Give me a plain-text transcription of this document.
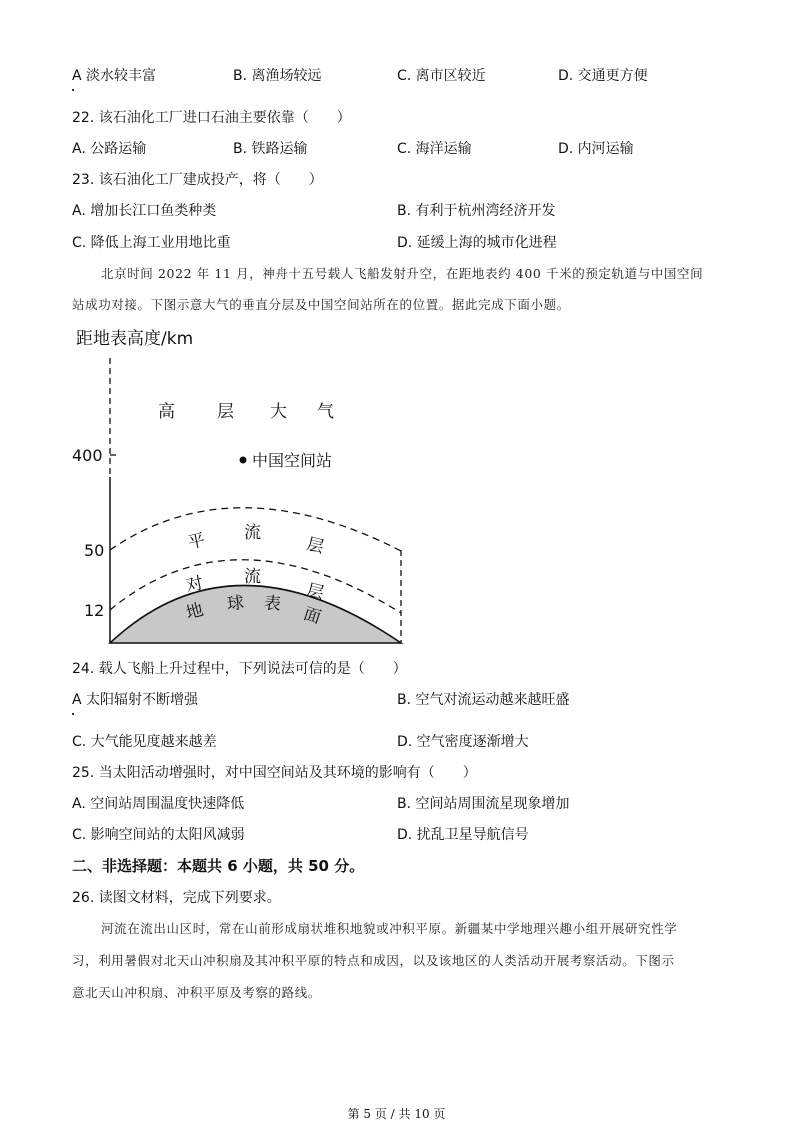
A 淡水较丰富	B. 离渔场较远	C. 离市区较近	D. 交通更方便
22. 该石油化工厂进口石油主要依靠（　　）
A. 公路运输	B. 铁路运输	C. 海洋运输	D. 内河运输
23. 该石油化工厂建成投产，将（　　）
A. 增加长江口鱼类种类	B. 有利于杭州湾经济开发
C. 降低上海工业用地比重	D. 延缓上海的城市化进程
北京时间 2022 年 11 月，神舟十五号载人飞船发射升空，在距地表约 400 千米的预定轨道与中国空间
站成功对接。下图示意大气的垂直分层及中国空间站所在的位置。据此完成下面小题。
距地表高度/km
400
50
12
高 层 大 气
中国空间站
平 流
层
对 流
层
地 球 表 面
24. 载人飞船上升过程中，下列说法可信的是（　　）
A 太阳辐射不断增强	B. 空气对流运动越来越旺盛
C. 大气能见度越来越差	D. 空气密度逐渐增大
25. 当太阳活动增强时，对中国空间站及其环境的影响有（　　）
A. 空间站周围温度快速降低	B. 空间站周围流星现象增加
C. 影响空间站的太阳风减弱	D. 扰乱卫星导航信号
二、非选择题：本题共 6 小题，共 50 分。
26. 读图文材料，完成下列要求。
河流在流出山区时，常在山前形成扇状堆积地貌或冲积平原。新疆某中学地理兴趣小组开展研究性学
习，利用暑假对北天山冲积扇及其冲积平原的特点和成因，以及该地区的人类活动开展考察活动。下图示
意北天山冲积扇、冲积平原及考察的路线。
第 5 页 / 共 10 页
